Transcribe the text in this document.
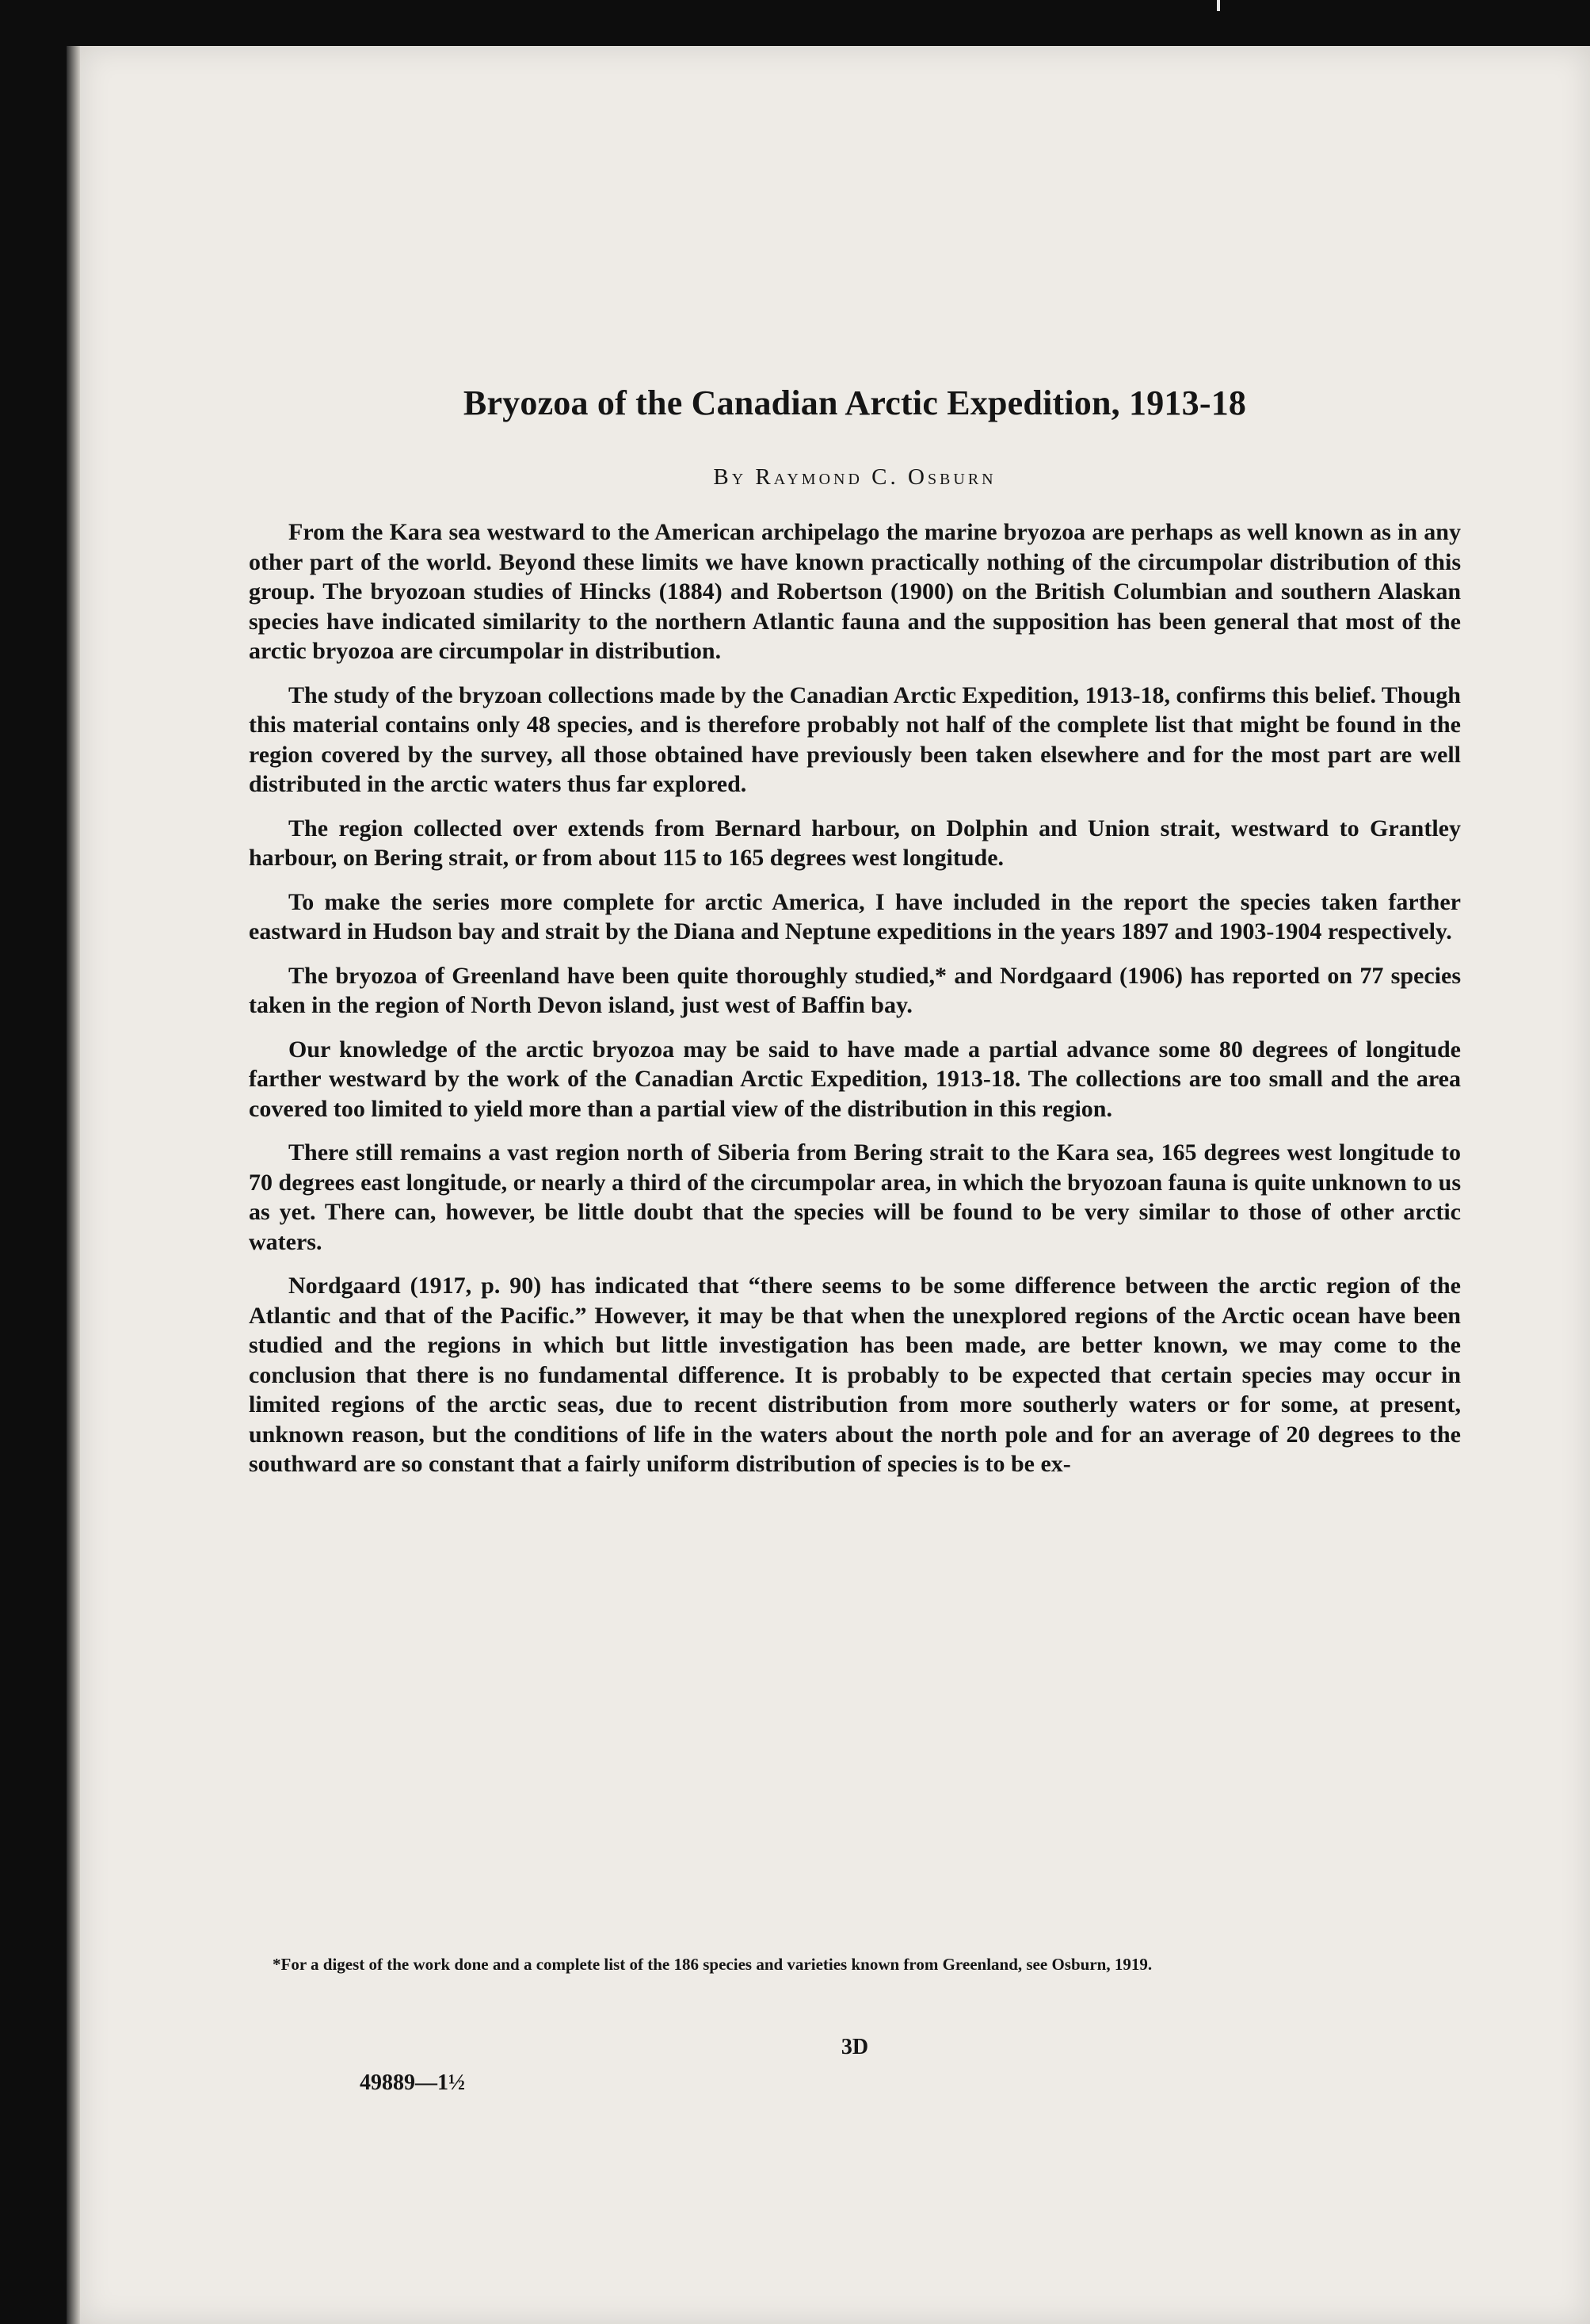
Bryozoa of the Canadian Arctic Expedition, 1913-18

By Raymond C. Osburn

From the Kara sea westward to the American archipelago the marine bryozoa are perhaps as well known as in any other part of the world. Beyond these limits we have known practically nothing of the circumpolar distribution of this group. The bryozoan studies of Hincks (1884) and Robertson (1900) on the British Columbian and southern Alaskan species have indicated similarity to the northern Atlantic fauna and the supposition has been general that most of the arctic bryozoa are circumpolar in distribution.

The study of the bryzoan collections made by the Canadian Arctic Expedition, 1913-18, confirms this belief. Though this material contains only 48 species, and is therefore probably not half of the complete list that might be found in the region covered by the survey, all those obtained have previously been taken elsewhere and for the most part are well distributed in the arctic waters thus far explored.

The region collected over extends from Bernard harbour, on Dolphin and Union strait, westward to Grantley harbour, on Bering strait, or from about 115 to 165 degrees west longitude.

To make the series more complete for arctic America, I have included in the report the species taken farther eastward in Hudson bay and strait by the Diana and Neptune expeditions in the years 1897 and 1903-1904 respectively.

The bryozoa of Greenland have been quite thoroughly studied,* and Nordgaard (1906) has reported on 77 species taken in the region of North Devon island, just west of Baffin bay.

Our knowledge of the arctic bryozoa may be said to have made a partial advance some 80 degrees of longitude farther westward by the work of the Canadian Arctic Expedition, 1913-18. The collections are too small and the area covered too limited to yield more than a partial view of the distribution in this region.

There still remains a vast region north of Siberia from Bering strait to the Kara sea, 165 degrees west longitude to 70 degrees east longitude, or nearly a third of the circumpolar area, in which the bryozoan fauna is quite unknown to us as yet. There can, however, be little doubt that the species will be found to be very similar to those of other arctic waters.

Nordgaard (1917, p. 90) has indicated that “there seems to be some difference between the arctic region of the Atlantic and that of the Pacific.” However, it may be that when the unexplored regions of the Arctic ocean have been studied and the regions in which but little investigation has been made, are better known, we may come to the conclusion that there is no fundamental difference. It is probably to be expected that certain species may occur in limited regions of the arctic seas, due to recent distribution from more southerly waters or for some, at present, unknown reason, but the conditions of life in the waters about the north pole and for an average of 20 degrees to the southward are so constant that a fairly uniform distribution of species is to be ex-

*For a digest of the work done and a complete list of the 186 species and varieties known from Greenland, see Osburn, 1919.

3D

49889—1½
